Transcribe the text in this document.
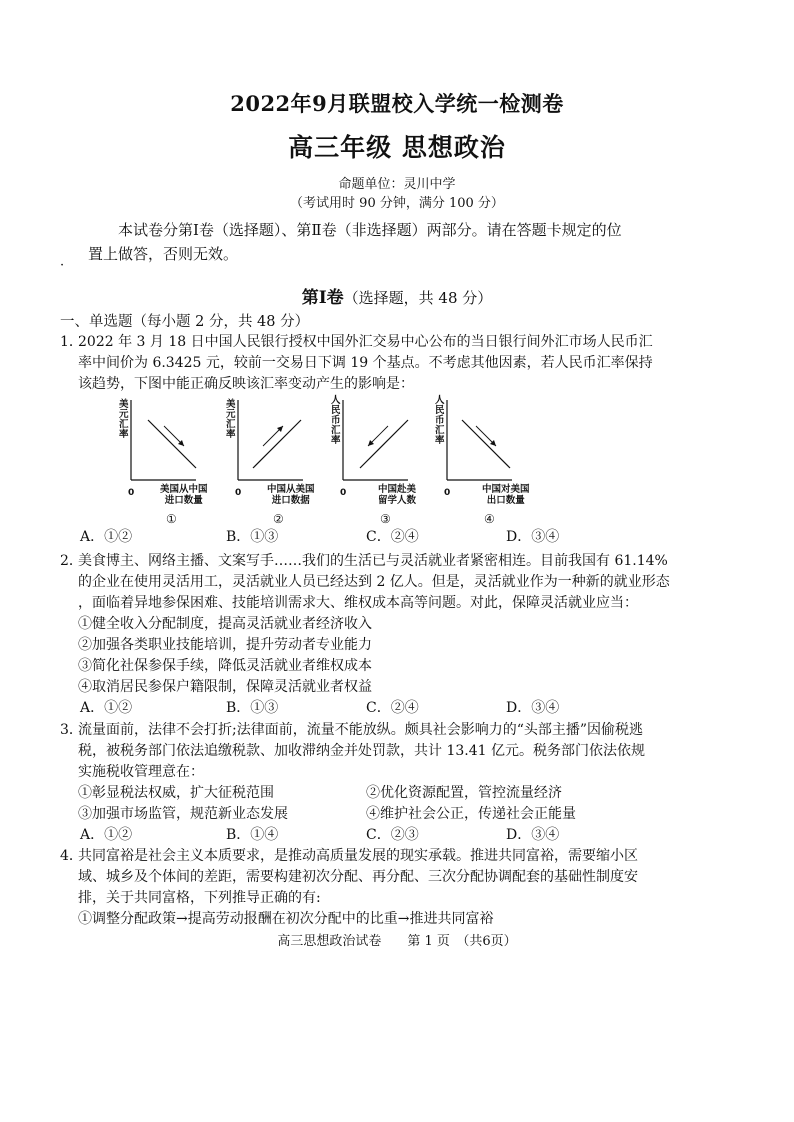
2022年9月联盟校入学统一检测卷
高三年级 思想政治
命题单位：灵川中学
（考试用时 90 分钟，满分 100 分）
本试卷分第Ⅰ卷（选择题）、第Ⅱ卷（非选择题）两部分。请在答题卡规定的位置上做答，否则无效。
·
第Ⅰ卷（选择题，共 48 分）
一、单选题（每小题 2 分，共 48 分）
1．
2022 年 3 月 18 日中国人民银行授权中国外汇交易中心公布的当日银行间外汇市场人民币汇
率中间价为 6.3425 元，较前一交易日下调 19 个基点。不考虑其他因素，若人民币汇率保持
该趋势，下图中能正确反映该汇率变动产生的影响是：
美元汇率
0	美国从中国
进口数量
①
美元汇率
0	中国从美国
进口数据
②
人民币汇率
0	中国赴美
留学人数
③
人民币汇率
0	中国对美国
出口数量
④
A．①②	B．①③	C．②④	D．③④
2．
美食博主、网络主播、文案写手……我们的生活已与灵活就业者紧密相连。目前我国有 61.14%
的企业在使用灵活用工，灵活就业人员已经达到 2 亿人。但是，灵活就业作为一种新的就业形态
，面临着异地参保困难、技能培训需求大、维权成本高等问题。对此，保障灵活就业应当：
①健全收入分配制度，提高灵活就业者经济收入
②加强各类职业技能培训，提升劳动者专业能力
③简化社保参保手续，降低灵活就业者维权成本
④取消居民参保户籍限制，保障灵活就业者权益
A．①②	B．①③	C．②④	D．③④
3．
流量面前，法律不会打折;法律面前，流量不能放纵。颇具社会影响力的“头部主播”因偷税逃
税，被税务部门依法追缴税款、加收滞纳金并处罚款，共计 13.41 亿元。税务部门依法依规
实施税收管理意在：
①彰显税法权威，扩大征税范围	②优化资源配置，管控流量经济
③加强市场监管，规范新业态发展	④维护社会公正，传递社会正能量
A．①②	B．①④	C．②③	D．③④
4．
共同富裕是社会主义本质要求，是推动高质量发展的现实承载。推进共同富裕，需要缩小区
域、城乡及个体间的差距，需要构建初次分配、再分配、三次分配协调配套的基础性制度安
排，关于共同富格，下列推导正确的有:
①调整分配政策→提高劳动报酬在初次分配中的比重→推进共同富裕
高三思想政治试卷　　第 1 页　（共6页）
